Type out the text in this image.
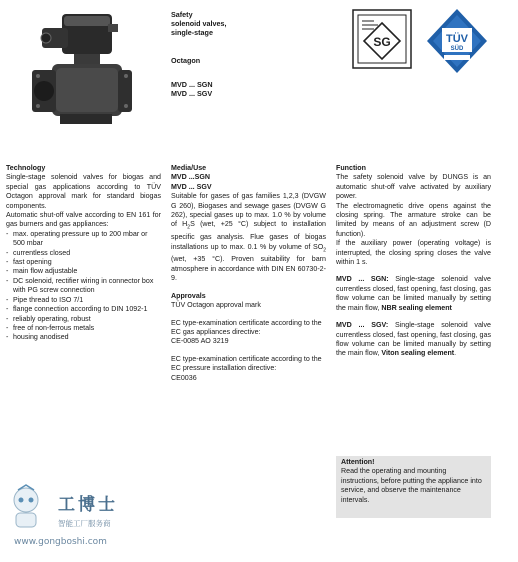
Safety
solenoid valves,
single-stage
Octagon
MVD ... SGN
MVD ... SGV
SG	TÜV
SÜD
Technology

Single-stage solenoid valves for biogas and special gas applications according to TÜV Octagon approval mark for standard biogas components.

Automatic shut-off valve according to EN 161 for gas burners and gas appliances:

- max. operating pressure up to 200 mbar or 500 mbar
- currentless closed
- fast opening
- main flow adjustable
- DC solenoid, rectifier wiring in connector box with PG screw connection
- Pipe thread to ISO 7/1
- flange connection according to DIN 1092-1
- reliably operating, robust
- free of non-ferrous metals
- housing anodised
Media/Use
MVD ...SGN
MVD ... SGV

Suitable for gases of gas families 1,2,3 (DVGW G 260), Biogases and sewage gases (DVGW G 262), special gases up to max. 1.0 % by volume of $H_2S$ (wet, +25 °C) subject to installation specific gas analysis. Flue gases of biogas installations up to max. 0.1 % by volume of $SO_2$ (wet, +35 °C). Proven suitability for barn atmosphere in accordance with DIN EN 60730-2-9.

Approvals

TÜV Octagon approval mark

EC type-examination certificate according to the EC gas appliances directive:

CE-0085 AO 3219

EC type-examination certificate according to the EC pressure installation directive:

CE0036

Function

The safety solenoid valve by DUNGS is an automatic shut-off valve activated by auxiliary power.

The electromagnetic drive opens against the closing spring. The armature stroke can be limited by means of an adjustment screw (D function).

If the auxiliary power (operating voltage) is interrupted, the closing spring closes the valve within 1 s.

MVD ... SGN: Single-stage solenoid valve currentless closed, fast opening, fast closing, gas flow volume can be limited manually by setting the main flow, NBR sealing element

MVD ... SGV: Single-stage solenoid valve currentless closed, fast opening, fast closing, gas flow volume can be limited manually by setting the main flow, Viton sealing element.

Attention!

Read the operating and mounting instructions, before putting the appliance into service, and observe the maintenance intervals.

工博士
智能工厂服务商
www.gongboshi.com
